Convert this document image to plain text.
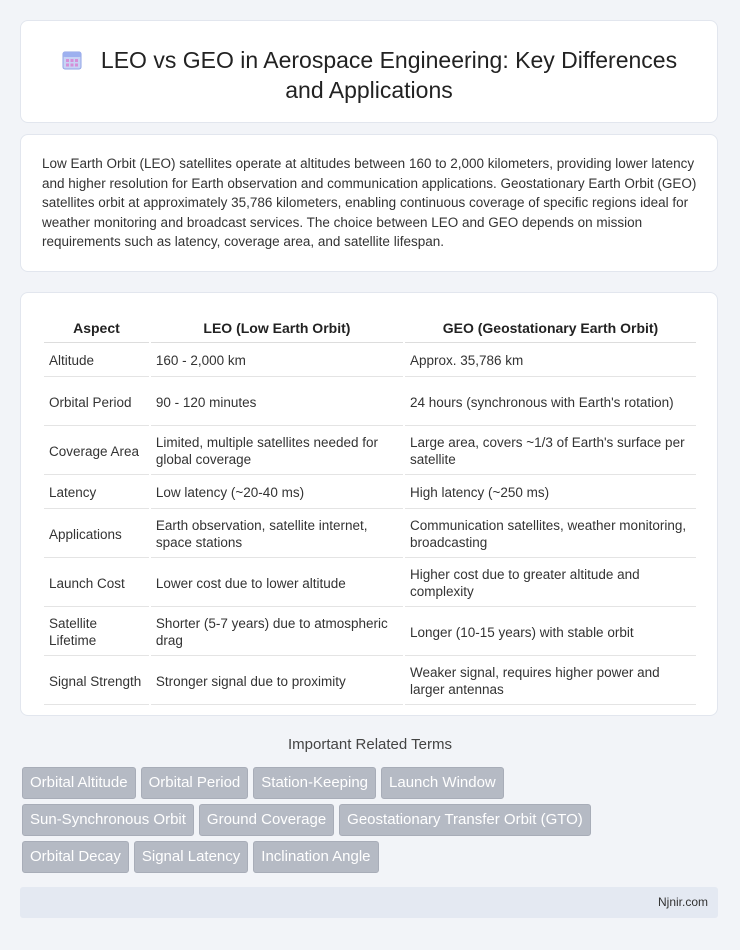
LEO vs GEO in Aerospace Engineering: Key Differences and Applications
Low Earth Orbit (LEO) satellites operate at altitudes between 160 to 2,000 kilometers, providing lower latency and higher resolution for Earth observation and communication applications. Geostationary Earth Orbit (GEO) satellites orbit at approximately 35,786 kilometers, enabling continuous coverage of specific regions ideal for weather monitoring and broadcast services. The choice between LEO and GEO depends on mission requirements such as latency, coverage area, and satellite lifespan.
Aspect	LEO (Low Earth Orbit)	GEO (Geostationary Earth Orbit)
Altitude	160 - 2,000 km	Approx. 35,786 km
Orbital Period	90 - 120 minutes	24 hours (synchronous with Earth's rotation)
Coverage Area	Limited, multiple satellites needed for global coverage	Large area, covers ~1/3 of Earth's surface per satellite
Latency	Low latency (~20-40 ms)	High latency (~250 ms)
Applications	Earth observation, satellite internet, space stations	Communication satellites, weather monitoring, broadcasting
Launch Cost	Lower cost due to lower altitude	Higher cost due to greater altitude and complexity
Satellite Lifetime	Shorter (5-7 years) due to atmospheric drag	Longer (10-15 years) with stable orbit
Signal Strength	Stronger signal due to proximity	Weaker signal, requires higher power and larger antennas
Important Related Terms
Orbital Altitude Orbital Period Station-Keeping Launch Window
Sun-Synchronous Orbit Ground Coverage Geostationary Transfer Orbit (GTO)
Orbital Decay Signal Latency Inclination Angle
Njnir.com
